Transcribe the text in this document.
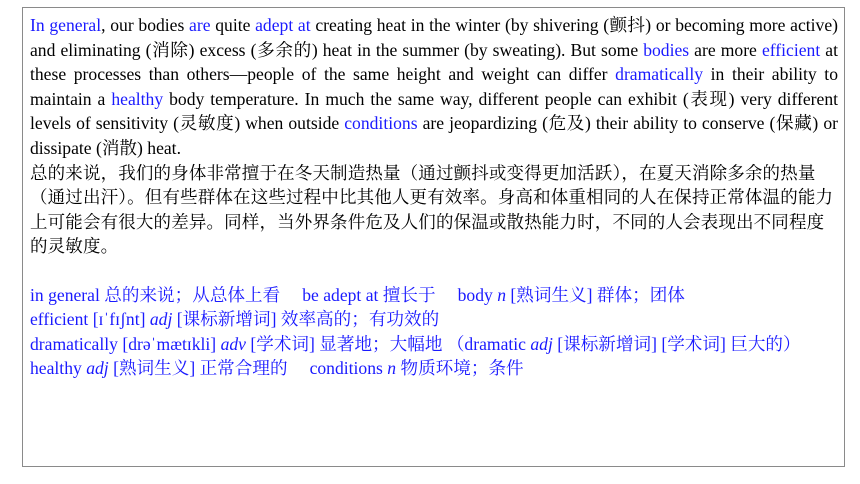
In general, our bodies are quite adept at creating heat in the winter (by shivering (颤抖) or becoming more active) and eliminating (消除) excess (多余的) heat in the summer (by sweating). But some bodies are more efficient at these processes than others—people of the same height and weight can differ dramatically in their ability to maintain a healthy body temperature. In much the same way, different people can exhibit (表现) very different levels of sensitivity (灵敏度) when outside conditions are jeopardizing (危及) their ability to conserve (保藏) or dissipate (消散) heat.

总的来说，我们的身体非常擅于在冬天制造热量（通过颤抖或变得更加活跃），在夏天消除多余的热量（通过出汗）。但有些群体在这些过程中比其他人更有效率。身高和体重相同的人在保持正常体温的能力上可能会有很大的差异。同样，当外界条件危及人们的保温或散热能力时，不同的人会表现出不同程度的灵敏度。

in general 总的来说；从总体上看 be adept at 擅长于 body n [熟词生义] 群体；团体

efficient [ɪˈfɪʃnt] adj [课标新增词] 效率高的；有功效的

dramatically [drəˈmætɪkli] adv [学术词] 显著地；大幅地 （dramatic adj [课标新增词] [学术词] 巨大的）

healthy adj [熟词生义] 正常合理的 conditions n 物质环境；条件
